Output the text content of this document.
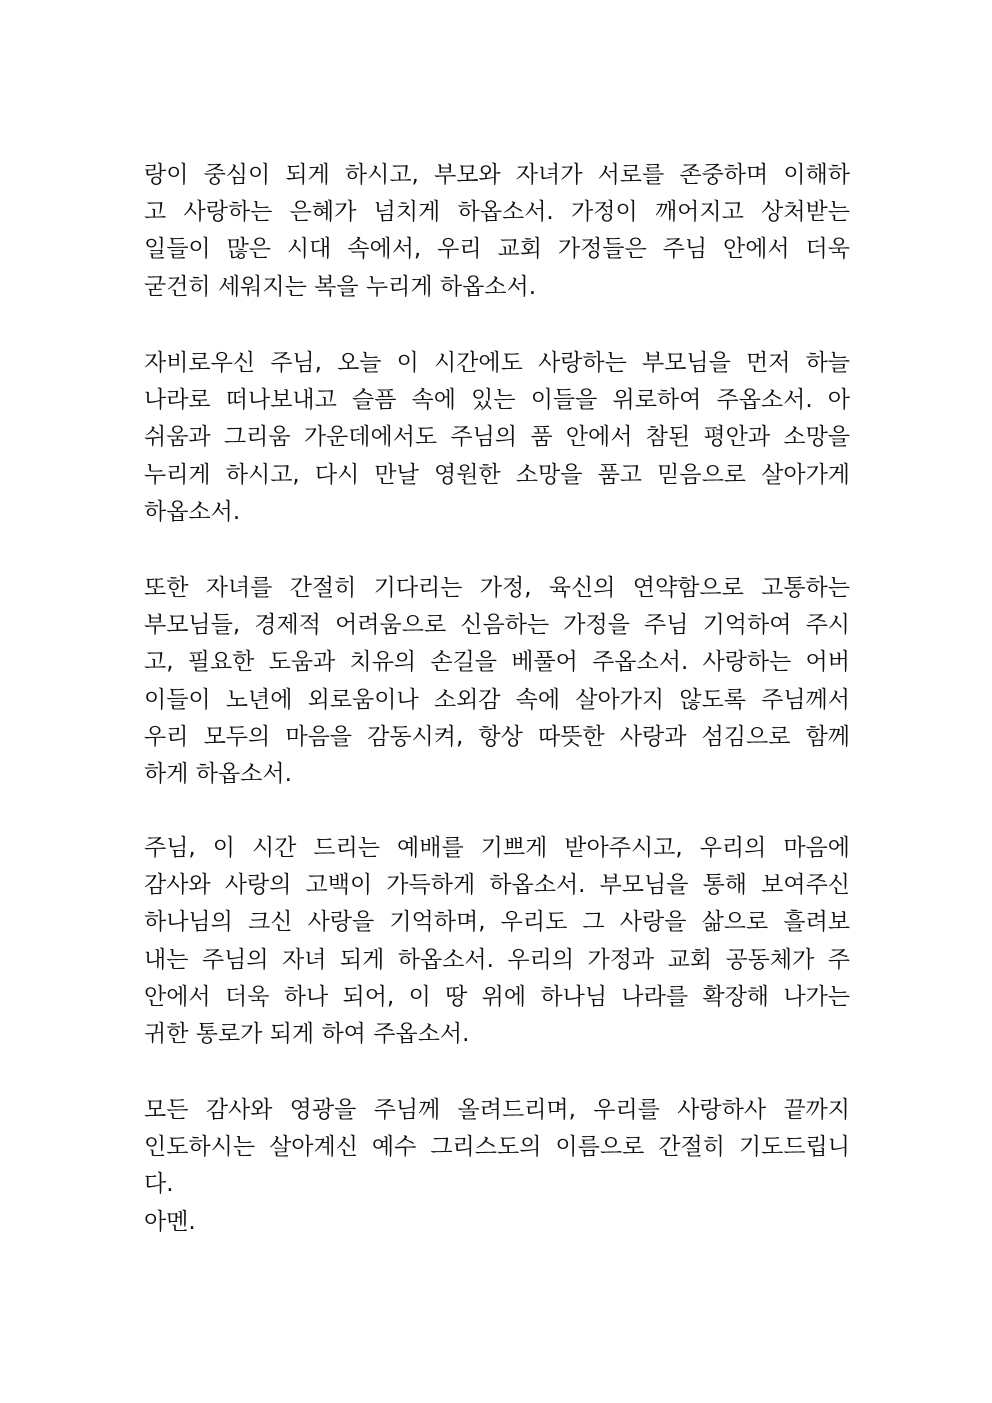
랑이 중심이 되게 하시고, 부모와 자녀가 서로를 존중하며 이해하
고 사랑하는 은혜가 넘치게 하옵소서. 가정이 깨어지고 상처받는
일들이 많은 시대 속에서, 우리 교회 가정들은 주님 안에서 더욱
굳건히 세워지는 복을 누리게 하옵소서.
자비로우신 주님, 오늘 이 시간에도 사랑하는 부모님을 먼저 하늘
나라로 떠나보내고 슬픔 속에 있는 이들을 위로하여 주옵소서. 아
쉬움과 그리움 가운데에서도 주님의 품 안에서 참된 평안과 소망을
누리게 하시고, 다시 만날 영원한 소망을 품고 믿음으로 살아가게
하옵소서.
또한 자녀를 간절히 기다리는 가정, 육신의 연약함으로 고통하는
부모님들, 경제적 어려움으로 신음하는 가정을 주님 기억하여 주시
고, 필요한 도움과 치유의 손길을 베풀어 주옵소서. 사랑하는 어버
이들이 노년에 외로움이나 소외감 속에 살아가지 않도록 주님께서
우리 모두의 마음을 감동시켜, 항상 따뜻한 사랑과 섬김으로 함께
하게 하옵소서.
주님, 이 시간 드리는 예배를 기쁘게 받아주시고, 우리의 마음에
감사와 사랑의 고백이 가득하게 하옵소서. 부모님을 통해 보여주신
하나님의 크신 사랑을 기억하며, 우리도 그 사랑을 삶으로 흘려보
내는 주님의 자녀 되게 하옵소서. 우리의 가정과 교회 공동체가 주
안에서 더욱 하나 되어, 이 땅 위에 하나님 나라를 확장해 나가는
귀한 통로가 되게 하여 주옵소서.
모든 감사와 영광을 주님께 올려드리며, 우리를 사랑하사 끝까지
인도하시는 살아계신 예수 그리스도의 이름으로 간절히 기도드립니
다.
아멘.
